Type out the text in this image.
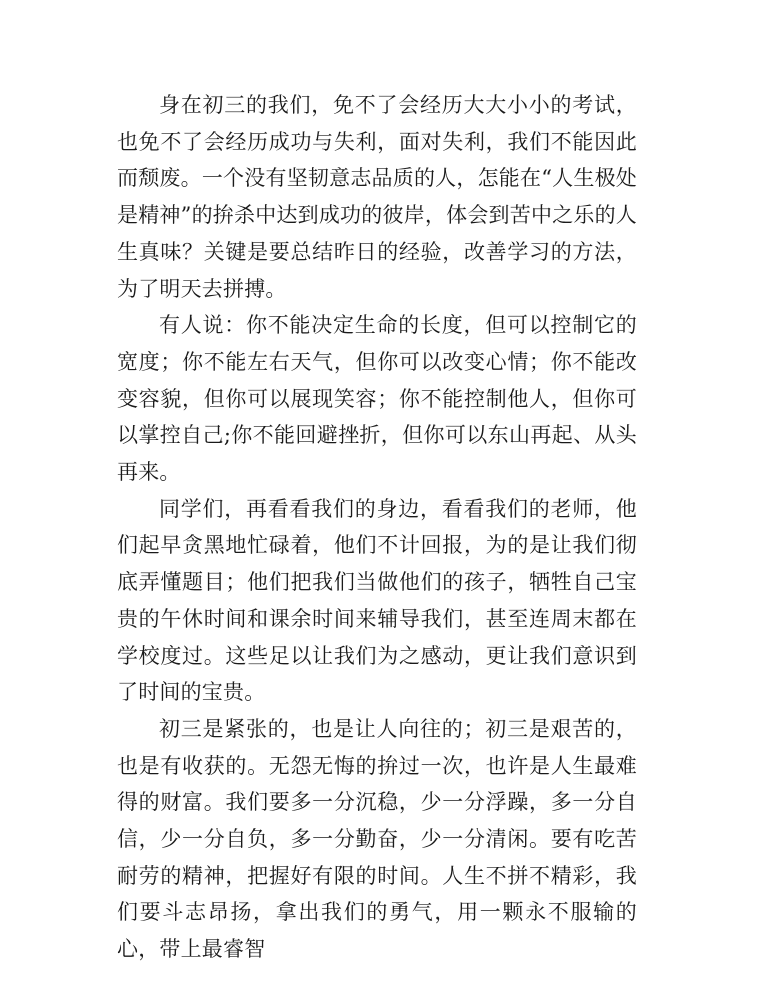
身在初三的我们，免不了会经历大大小小的考试，也免不了会经历成功与失利，面对失利，我们不能因此而颓废。一个没有坚韧意志品质的人，怎能在“人生极处是精神”的拚杀中达到成功的彼岸，体会到苦中之乐的人生真味？关键是要总结昨日的经验，改善学习的方法，为了明天去拼搏。

有人说：你不能决定生命的长度，但可以控制它的宽度；你不能左右天气，但你可以改变心情；你不能改变容貌，但你可以展现笑容；你不能控制他人，但你可以掌控自己;你不能回避挫折，但你可以东山再起、从头再来。

同学们，再看看我们的身边，看看我们的老师，他们起早贪黑地忙碌着，他们不计回报，为的是让我们彻底弄懂题目；他们把我们当做他们的孩子，牺牲自己宝贵的午休时间和课余时间来辅导我们，甚至连周末都在学校度过。这些足以让我们为之感动，更让我们意识到了时间的宝贵。

初三是紧张的，也是让人向往的；初三是艰苦的，也是有收获的。无怨无悔的拚过一次，也许是人生最难得的财富。我们要多一分沉稳，少一分浮躁，多一分自信，少一分自负，多一分勤奋，少一分清闲。要有吃苦耐劳的精神，把握好有限的时间。人生不拼不精彩，我们要斗志昂扬，拿出我们的勇气，用一颗永不服输的心，带上最睿智
